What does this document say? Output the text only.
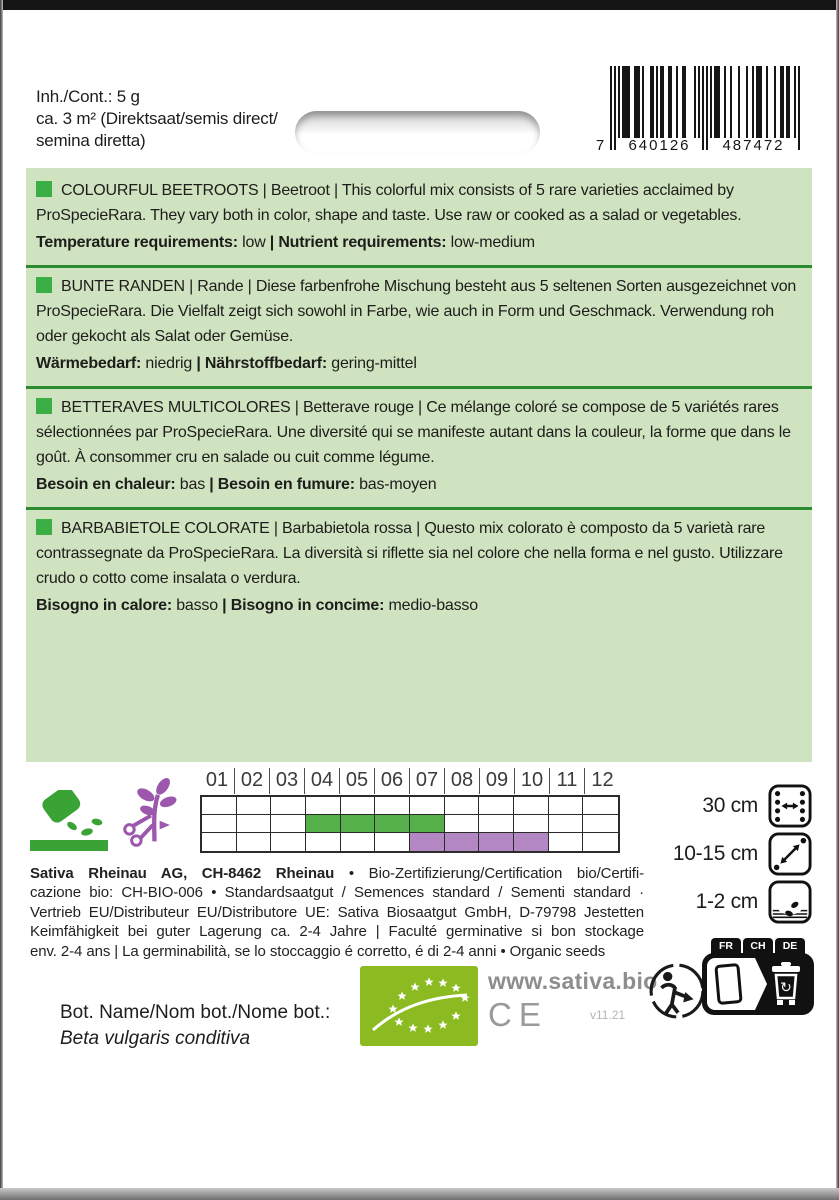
Inh./Cont.: 5 g
ca. 3 m² (Direktsaat/semis direct/
semina diretta)	7	640126	487472

COLOURFUL BEETROOTS | Beetroot | This colorful mix consists of 5 rare varieties acclaimed by ProSpecieRara. They vary both in color, shape and taste. Use raw or cooked as a salad or vegetables.

Temperature requirements: low | Nutrient requirements: low-medium

BUNTE RANDEN | Rande | Diese farbenfrohe Mischung besteht aus 5 seltenen Sorten ausgezeichnet von ProSpecieRara. Die Vielfalt zeigt sich sowohl in Farbe, wie auch in Form und Geschmack. Verwendung roh oder gekocht als Salat oder Gemüse.

Wärmebedarf: niedrig | Nährstoffbedarf: gering-mittel

BETTERAVES MULTICOLORES | Betterave rouge | Ce mélange coloré se compose de 5 variétés rares sélectionnées par ProSpecieRara. Une diversité qui se manifeste autant dans la couleur, la forme que dans le goût. À consommer cru en salade ou cuit comme légume.

Besoin en chaleur: bas | Besoin en fumure: bas-moyen

BARBABIETOLE COLORATE | Barbabietola rossa | Questo mix colorato è composto da 5 varietà rare contrassegnate da ProSpecieRara. La diversità si riflette sia nel colore che nella forma e nel gusto. Utilizzare crudo o cotto come insalata o verdura.

Bisogno in calore: basso | Bisogno in concime: medio-basso

01 02 03 04 05 06 07 08 09 10 11 12
30 cm
10-15 cm
1-2 cm
Sativa Rheinau AG, CH-8462 Rheinau • Bio-Zertifizierung/Certification bio/Certifi-
cazione bio: CH-BIO-006 • Standardsaatgut / Semences standard / Sementi standard ·
Vertrieb EU/Distributeur EU/Distributore UE: Sativa Biosaatgut GmbH, D-79798 Jestetten
Keimfähigkeit bei guter Lagerung ca. 2-4 Jahre | Faculté germinative si bon stockage
env. 2-4 ans | La germinabilità, se lo stoccaggio é corretto, é di 2-4 anni • Organic seeds
Bot. Name/Nom bot./Nome bot.:
Beta vulgaris conditiva
www.sativa.bio
CE	v11.21
FR	CH	DE
↻
